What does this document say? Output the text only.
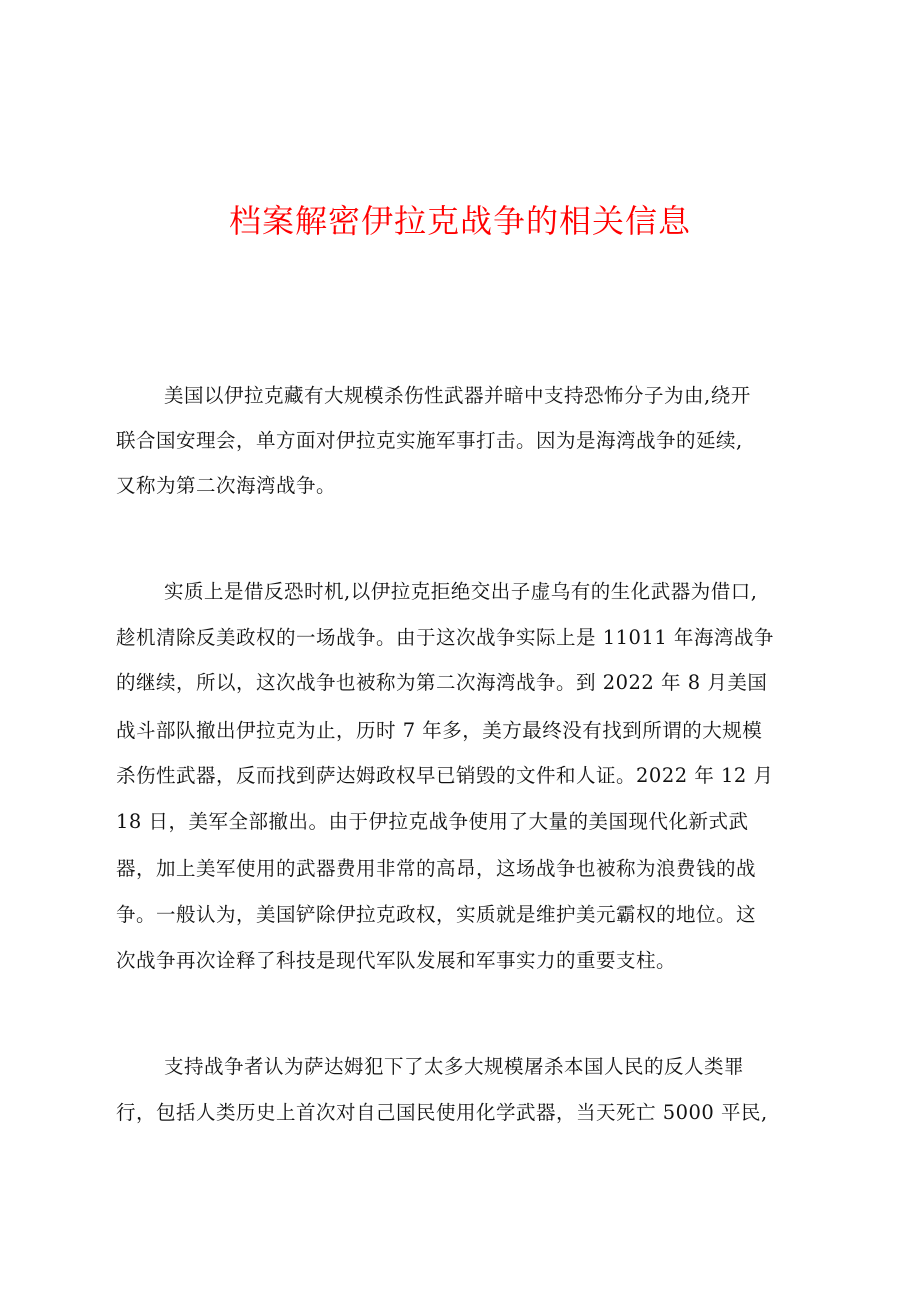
档案解密伊拉克战争的相关信息
美国以伊拉克藏有大规模杀伤性武器并暗中支持恐怖分子为由,绕开
联合国安理会，单方面对伊拉克实施军事打击。因为是海湾战争的延续,
又称为第二次海湾战争。
实质上是借反恐时机,以伊拉克拒绝交出子虚乌有的生化武器为借口,
趁机清除反美政权的一场战争。由于这次战争实际上是 11011 年海湾战争
的继续，所以，这次战争也被称为第二次海湾战争。到 2022 年 8 月美国
战斗部队撤出伊拉克为止，历时 7 年多，美方最终没有找到所谓的大规模
杀伤性武器，反而找到萨达姆政权早已销毁的文件和人证。2022 年 12 月
18 日，美军全部撤出。由于伊拉克战争使用了大量的美国现代化新式武
器，加上美军使用的武器费用非常的高昂，这场战争也被称为浪费钱的战
争。一般认为，美国铲除伊拉克政权，实质就是维护美元霸权的地位。这
次战争再次诠释了科技是现代军队发展和军事实力的重要支柱。
支持战争者认为萨达姆犯下了太多大规模屠杀本国人民的反人类罪
行，包括人类历史上首次对自己国民使用化学武器，当天死亡 5000 平民,
